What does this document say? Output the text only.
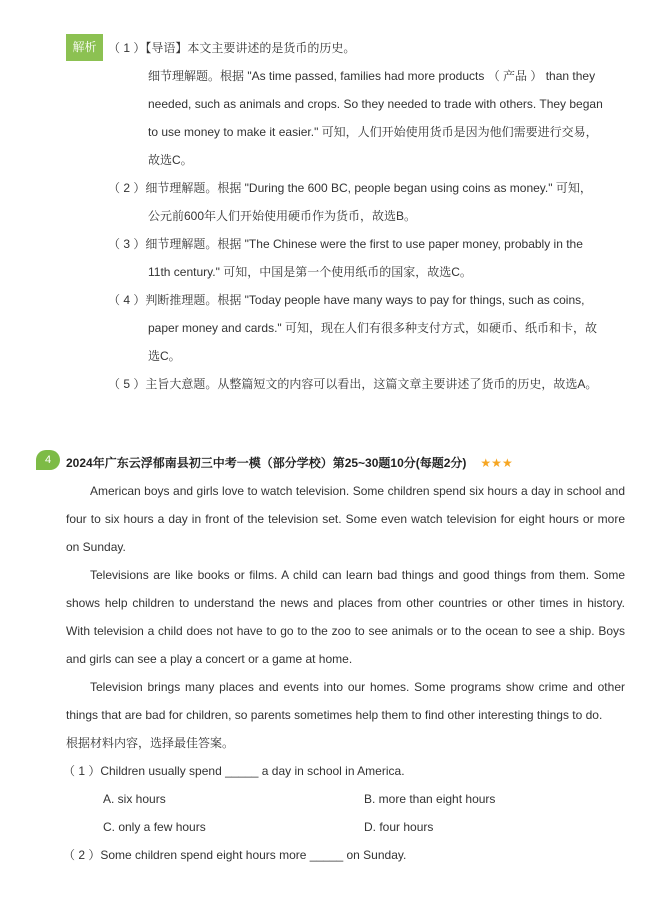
解析 （ 1 ）【导语】本文主要讲述的是货币的历史。
细节理解题。根据 "As time passed, families had more products （ 产品 ） than they
needed, such as animals and crops. So they needed to trade with others. They began
to use money to make it easier." 可知，人们开始使用货币是因为他们需要进行交易，
故选C。
（ 2 ）细节理解题。根据 "During the 600 BC, people began using coins as money." 可知，
公元前600年人们开始使用硬币作为货币，故选B。
（ 3 ）细节理解题。根据 "The Chinese were the first to use paper money, probably in the
11th century." 可知，中国是第一个使用纸币的国家，故选C。
（ 4 ）判断推理题。根据 "Today people have many ways to pay for things, such as coins,
paper money and cards." 可知，现在人们有很多种支付方式，如硬币、纸币和卡，故
选C。
（ 5 ）主旨大意题。从整篇短文的内容可以看出，这篇文章主要讲述了货币的历史，故选A。
4	2024年广东云浮郁南县初三中考一模（部分学校）第25~30题10分(每题2分) ★★★
American boys and girls love to watch television. Some children spend six hours a day in school and four to six hours a day in front of the television set. Some even watch television for eight hours or more on Sunday.
Televisions are like books or films. A child can learn bad things and good things from them. Some shows help children to understand the news and places from other countries or other times in history. With television a child does not have to go to the zoo to see animals or to the ocean to see a ship. Boys and girls can see a play a concert or a game at home.
Television brings many places and events into our homes. Some programs show crime and other things that are bad for children, so parents sometimes help them to find other interesting things to do.
根据材料内容，选择最佳答案。
（ 1 ）Children usually spend _____ a day in school in America.
A. six hours	B. more than eight hours
C. only a few hours	D. four hours
（ 2 ）Some children spend eight hours more _____ on Sunday.
